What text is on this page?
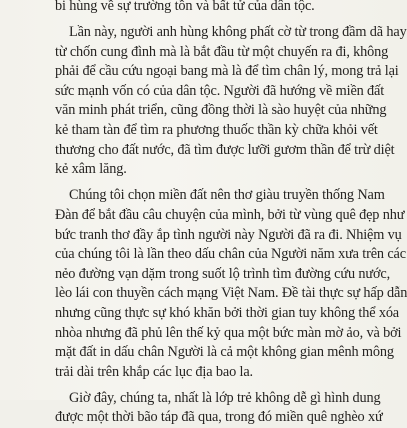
bi hùng về sự trường tồn và bất tử của dân tộc.
Lần này, người anh hùng không phất cờ từ trong đầm dã hay
từ chốn cung đình mà là bắt đầu từ một chuyến ra đi, không
phải để cầu cứu ngoại bang mà là để tìm chân lý, mong trả lại
sức mạnh vốn có của dân tộc. Người đã hướng về miền đất
văn minh phát triển, cũng đồng thời là sào huyệt của những
kẻ tham tàn để tìm ra phương thuốc thần kỳ chữa khỏi vết
thương cho đất nước, đã tìm được lưỡi gươm thần để trừ diệt
kẻ xâm lăng.
Chúng tôi chọn miền đất nên thơ giàu truyền thống Nam
Đàn để bắt đầu câu chuyện của mình, bởi từ vùng quê đẹp như
bức tranh thơ đầy ắp tình người này Người đã ra đi. Nhiệm vụ
của chúng tôi là lần theo dấu chân của Người năm xưa trên các
nẻo đường vạn dặm trong suốt lộ trình tìm đường cứu nước,
lèo lái con thuyền cách mạng Việt Nam. Đề tài thực sự hấp dẫn
nhưng cũng thực sự khó khăn bởi thời gian tuy không thể xóa
nhòa nhưng đã phủ lên thế kỷ qua một bức màn mờ ảo, và bởi
mặt đất in dấu chân Người là cả một không gian mênh mông
trải dài trên khắp các lục địa bao la.
Giờ đây, chúng ta, nhất là lớp trẻ không dễ gì hình dung
được một thời bão táp đã qua, trong đó miền quê nghèo xứ
